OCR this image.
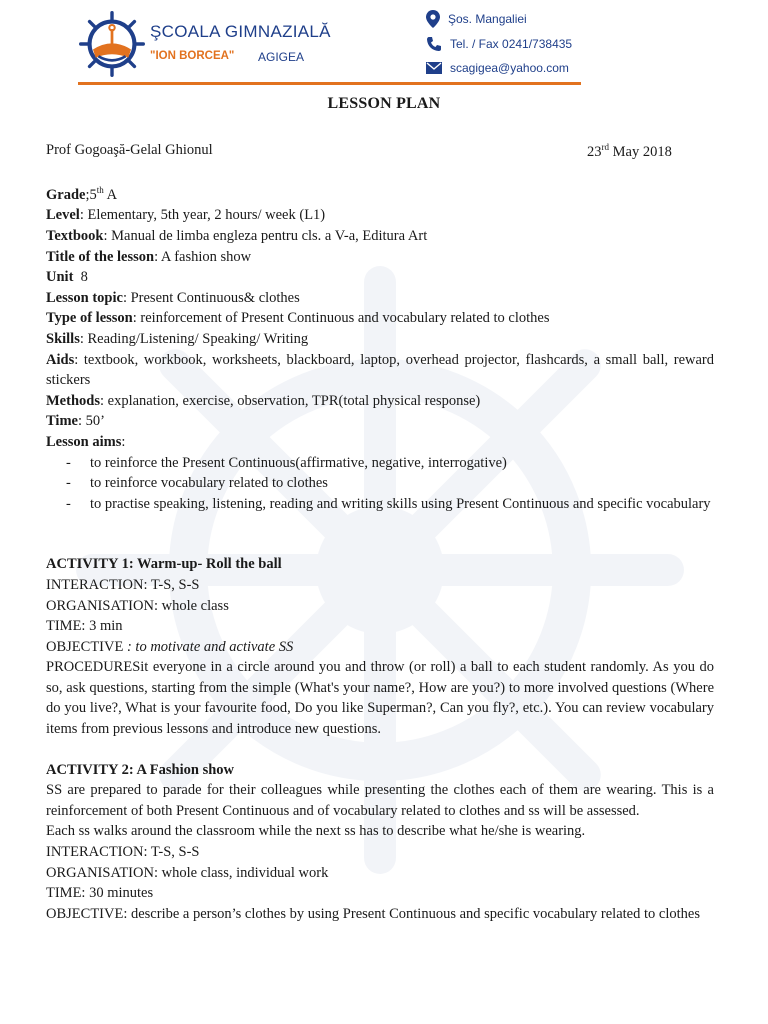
ŞCOALA GIMNAZIALĂ
"ION BORCEA" AGIGEA
Şos. Mangaliei
Tel. / Fax 0241/738435
scagigea@yahoo.com
LESSON PLAN
Prof Gogoaşă-Gelal Ghionul	23rd May 2018

Grade;5th A

Level: Elementary, 5th year, 2 hours/ week (L1)

Textbook: Manual de limba engleza pentru cls. a V-a, Editura Art

Title of the lesson: A fashion show

Unit  8

Lesson topic: Present Continuous& clothes

Type of lesson: reinforcement of Present Continuous and vocabulary related to clothes

Skills: Reading/Listening/ Speaking/ Writing

Aids: textbook, workbook, worksheets, blackboard, laptop, overhead projector, flashcards, a small ball, reward stickers

Methods: explanation, exercise, observation, TPR(total physical response)

Time: 50’

Lesson aims:

- to reinforce the Present Continuous(affirmative, negative, interrogative)
- to reinforce vocabulary related to clothes
- to practise speaking, listening, reading and writing skills using Present Continuous and specific vocabulary

ACTIVITY 1: Warm-up- Roll the ball

INTERACTION: T-S, S-S

ORGANISATION: whole class

TIME: 3 min

OBJECTIVE : to motivate and activate SS

PROCEDURESit everyone in a circle around you and throw (or roll) a ball to each student randomly. As you do so, ask questions, starting from the simple (What's your name?, How are you?) to more involved questions (Where do you live?, What is your favourite food, Do you like Superman?, Can you fly?, etc.). You can review vocabulary items from previous lessons and introduce new questions.

ACTIVITY 2: A Fashion show

SS are prepared to parade for their colleagues while presenting the clothes each of them are wearing. This is a reinforcement of both Present Continuous and of vocabulary related to clothes and ss will be assessed.

Each ss walks around the classroom while the next ss has to describe what he/she is wearing.

INTERACTION: T-S, S-S

ORGANISATION: whole class, individual work

TIME: 30 minutes

OBJECTIVE: describe a person’s clothes by using Present Continuous and specific vocabulary related to clothes
